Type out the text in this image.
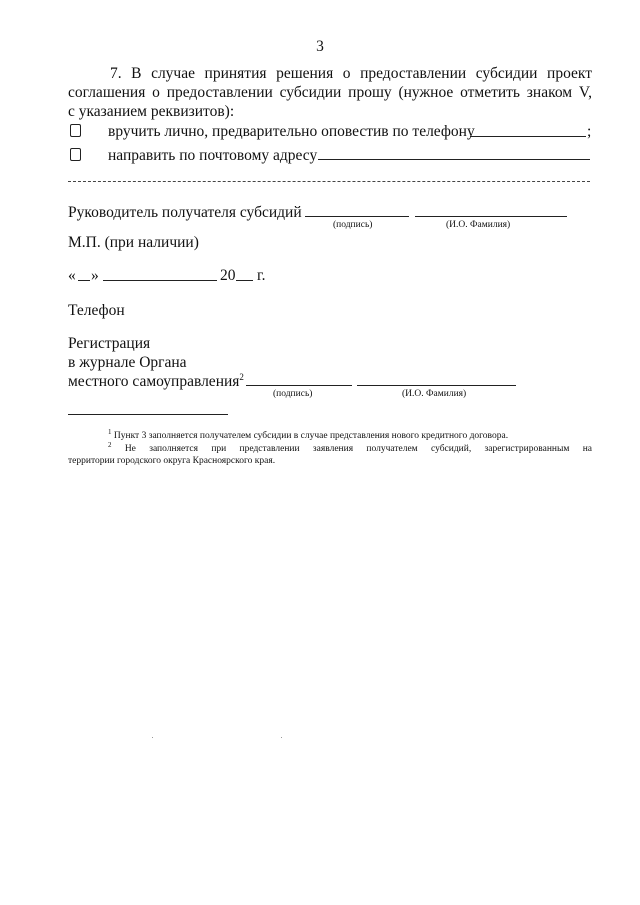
3
7. В случае принятия решения о предоставлении субсидии проект
соглашения о предоставлении субсидии прошу (нужное отметить знаком V,
с указанием реквизитов):
вручить лично, предварительно оповестив по телефону	;
направить по почтовому адресу
Руководитель получателя субсидий
(подпись)	(И.О. Фамилия)
М.П. (при наличии)
« »	20 г.
Телефон
Регистрация
в журнале Органа
местного самоуправления$^2$
(подпись)	(И.О. Фамилия)
$^1$ Пункт 3 заполняется получателем субсидии в случае представления нового кредитного договора.
$^2$ Не заполняется при представлении заявления получателем субсидий, зарегистрированным на
территории городского округа Красноярского края.
